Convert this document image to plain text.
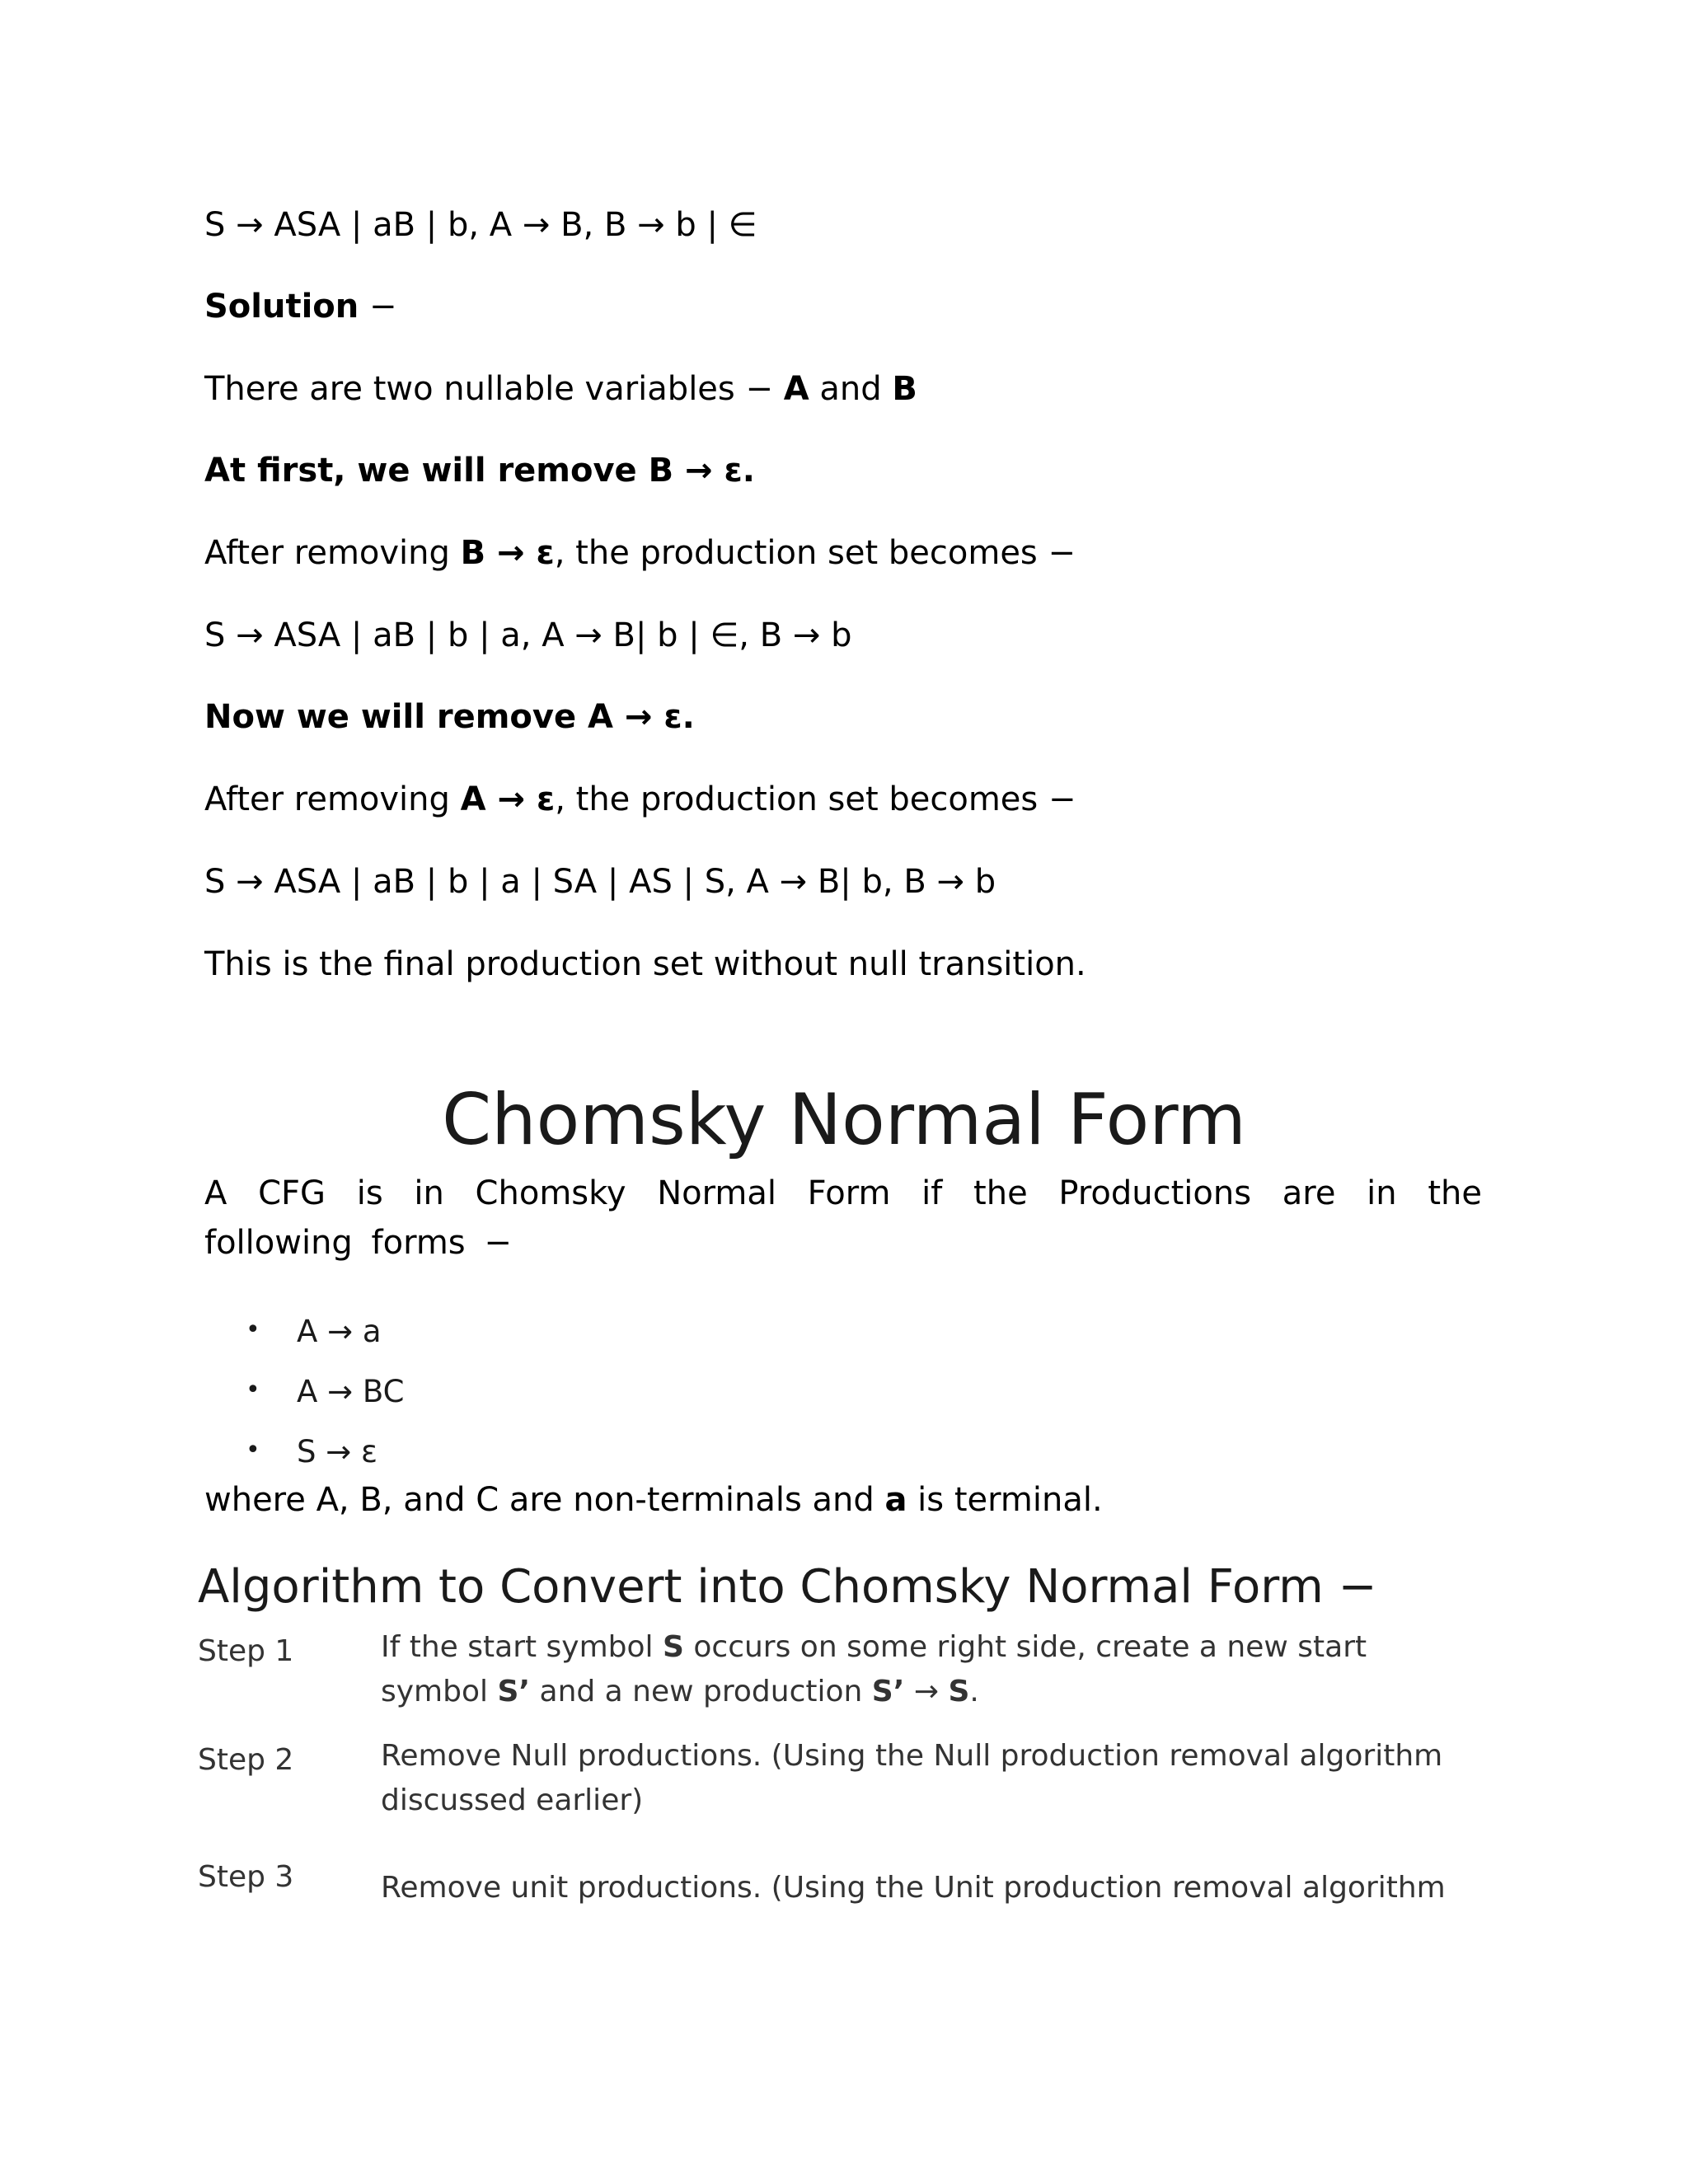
S → ASA | aB | b, A → B, B → b | ∈
Solution −
There are two nullable variables − A and B
At first, we will remove B → ε.
After removing B → ε, the production set becomes −
S → ASA | aB | b | a, A → B| b | ∈, B → b
Now we will remove A → ε.
After removing A → ε, the production set becomes −
S → ASA | aB | b | a | SA | AS | S, A → B| b, B → b
This is the final production set without null transition.
Chomsky Normal Form
A CFG is in Chomsky Normal Form if the Productions are in the following forms −
•	A → a
•	A → BC
•	S → ε
where A, B, and C are non-terminals and a is terminal.
Algorithm to Convert into Chomsky Normal Form −
Step 1	If the start symbol S occurs on some right side, create a new start symbol S’ and a new production S’ → S.
Step 2	Remove Null productions. (Using the Null production removal algorithm discussed earlier)
Step 3	Remove unit productions. (Using the Unit production removal algorithm
